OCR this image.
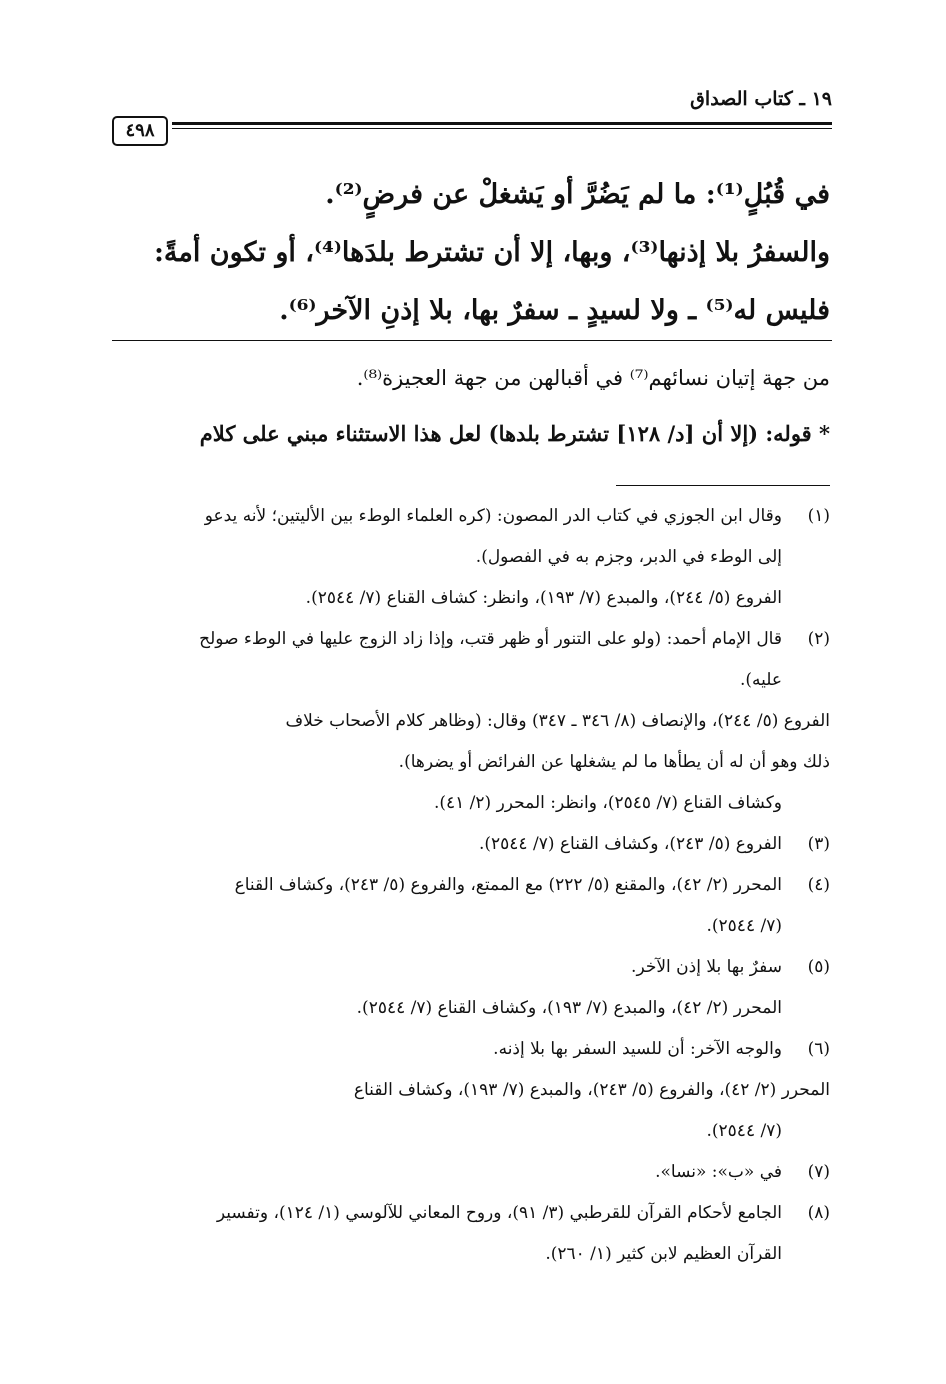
١٩ ـ كتاب الصداق
٤٩٨
في قُبُلٍ⁽¹⁾: ما لم يَضُرَّ أو يَشغلْ عن فرضٍ⁽²⁾.
والسفرُ بلا إذنها⁽³⁾، وبها، إلا أن تشترط بلدَها⁽⁴⁾، أو تكون أمةً:
فليس له⁽⁵⁾ ـ ولا لسيدٍ ـ سفرٌ بها، بلا إذنِ الآخر⁽⁶⁾.
من جهة إتيان نسائهم⁽⁷⁾ في أقبالهن من جهة العجيزة⁽⁸⁾.
* قوله: (إلا أن [د/ ١٢٨] تشترط بلدها) لعل هذا الاستثناء مبني على كلام
(١)
وقال ابن الجوزي في كتاب الدر المصون: (كره العلماء الوطء بين الأليتين؛ لأنه يدعو
إلى الوطء في الدبر، وجزم به في الفصول).
الفروع (٥/ ٢٤٤)، والمبدع (٧/ ١٩٣)، وانظر: كشاف القناع (٧/ ٢٥٤٤).
(٢)
قال الإمام أحمد: (ولو على التنور أو ظهر قتب، وإذا زاد الزوج عليها في الوطء صولح
عليه).
الفروع (٥/ ٢٤٤)، والإنصاف (٨/ ٣٤٦ ـ ٣٤٧) وقال: (وظاهر كلام الأصحاب خلاف
ذلك وهو أن له أن يطأها ما لم يشغلها عن الفرائض أو يضرها).
وكشاف القناع (٧/ ٢٥٤٥)، وانظر: المحرر (٢/ ٤١).
(٣)
الفروع (٥/ ٢٤٣)، وكشاف القناع (٧/ ٢٥٤٤).
(٤)
المحرر (٢/ ٤٢)، والمقنع (٥/ ٢٢٢) مع الممتع، والفروع (٥/ ٢٤٣)، وكشاف القناع
(٧/ ٢٥٤٤).
(٥)
سفرٌ بها بلا إذن الآخر.
المحرر (٢/ ٤٢)، والمبدع (٧/ ١٩٣)، وكشاف القناع (٧/ ٢٥٤٤).
(٦)
والوجه الآخر: أن للسيد السفر بها بلا إذنه.
المحرر (٢/ ٤٢)، والفروع (٥/ ٢٤٣)، والمبدع (٧/ ١٩٣)، وكشاف القناع
(٧/ ٢٥٤٤).
(٧)
في «ب»: «نسا».
(٨)
الجامع لأحكام القرآن للقرطبي (٣/ ٩١)، وروح المعاني للآلوسي (١/ ١٢٤)، وتفسير
القرآن العظيم لابن كثير (١/ ٢٦٠).
